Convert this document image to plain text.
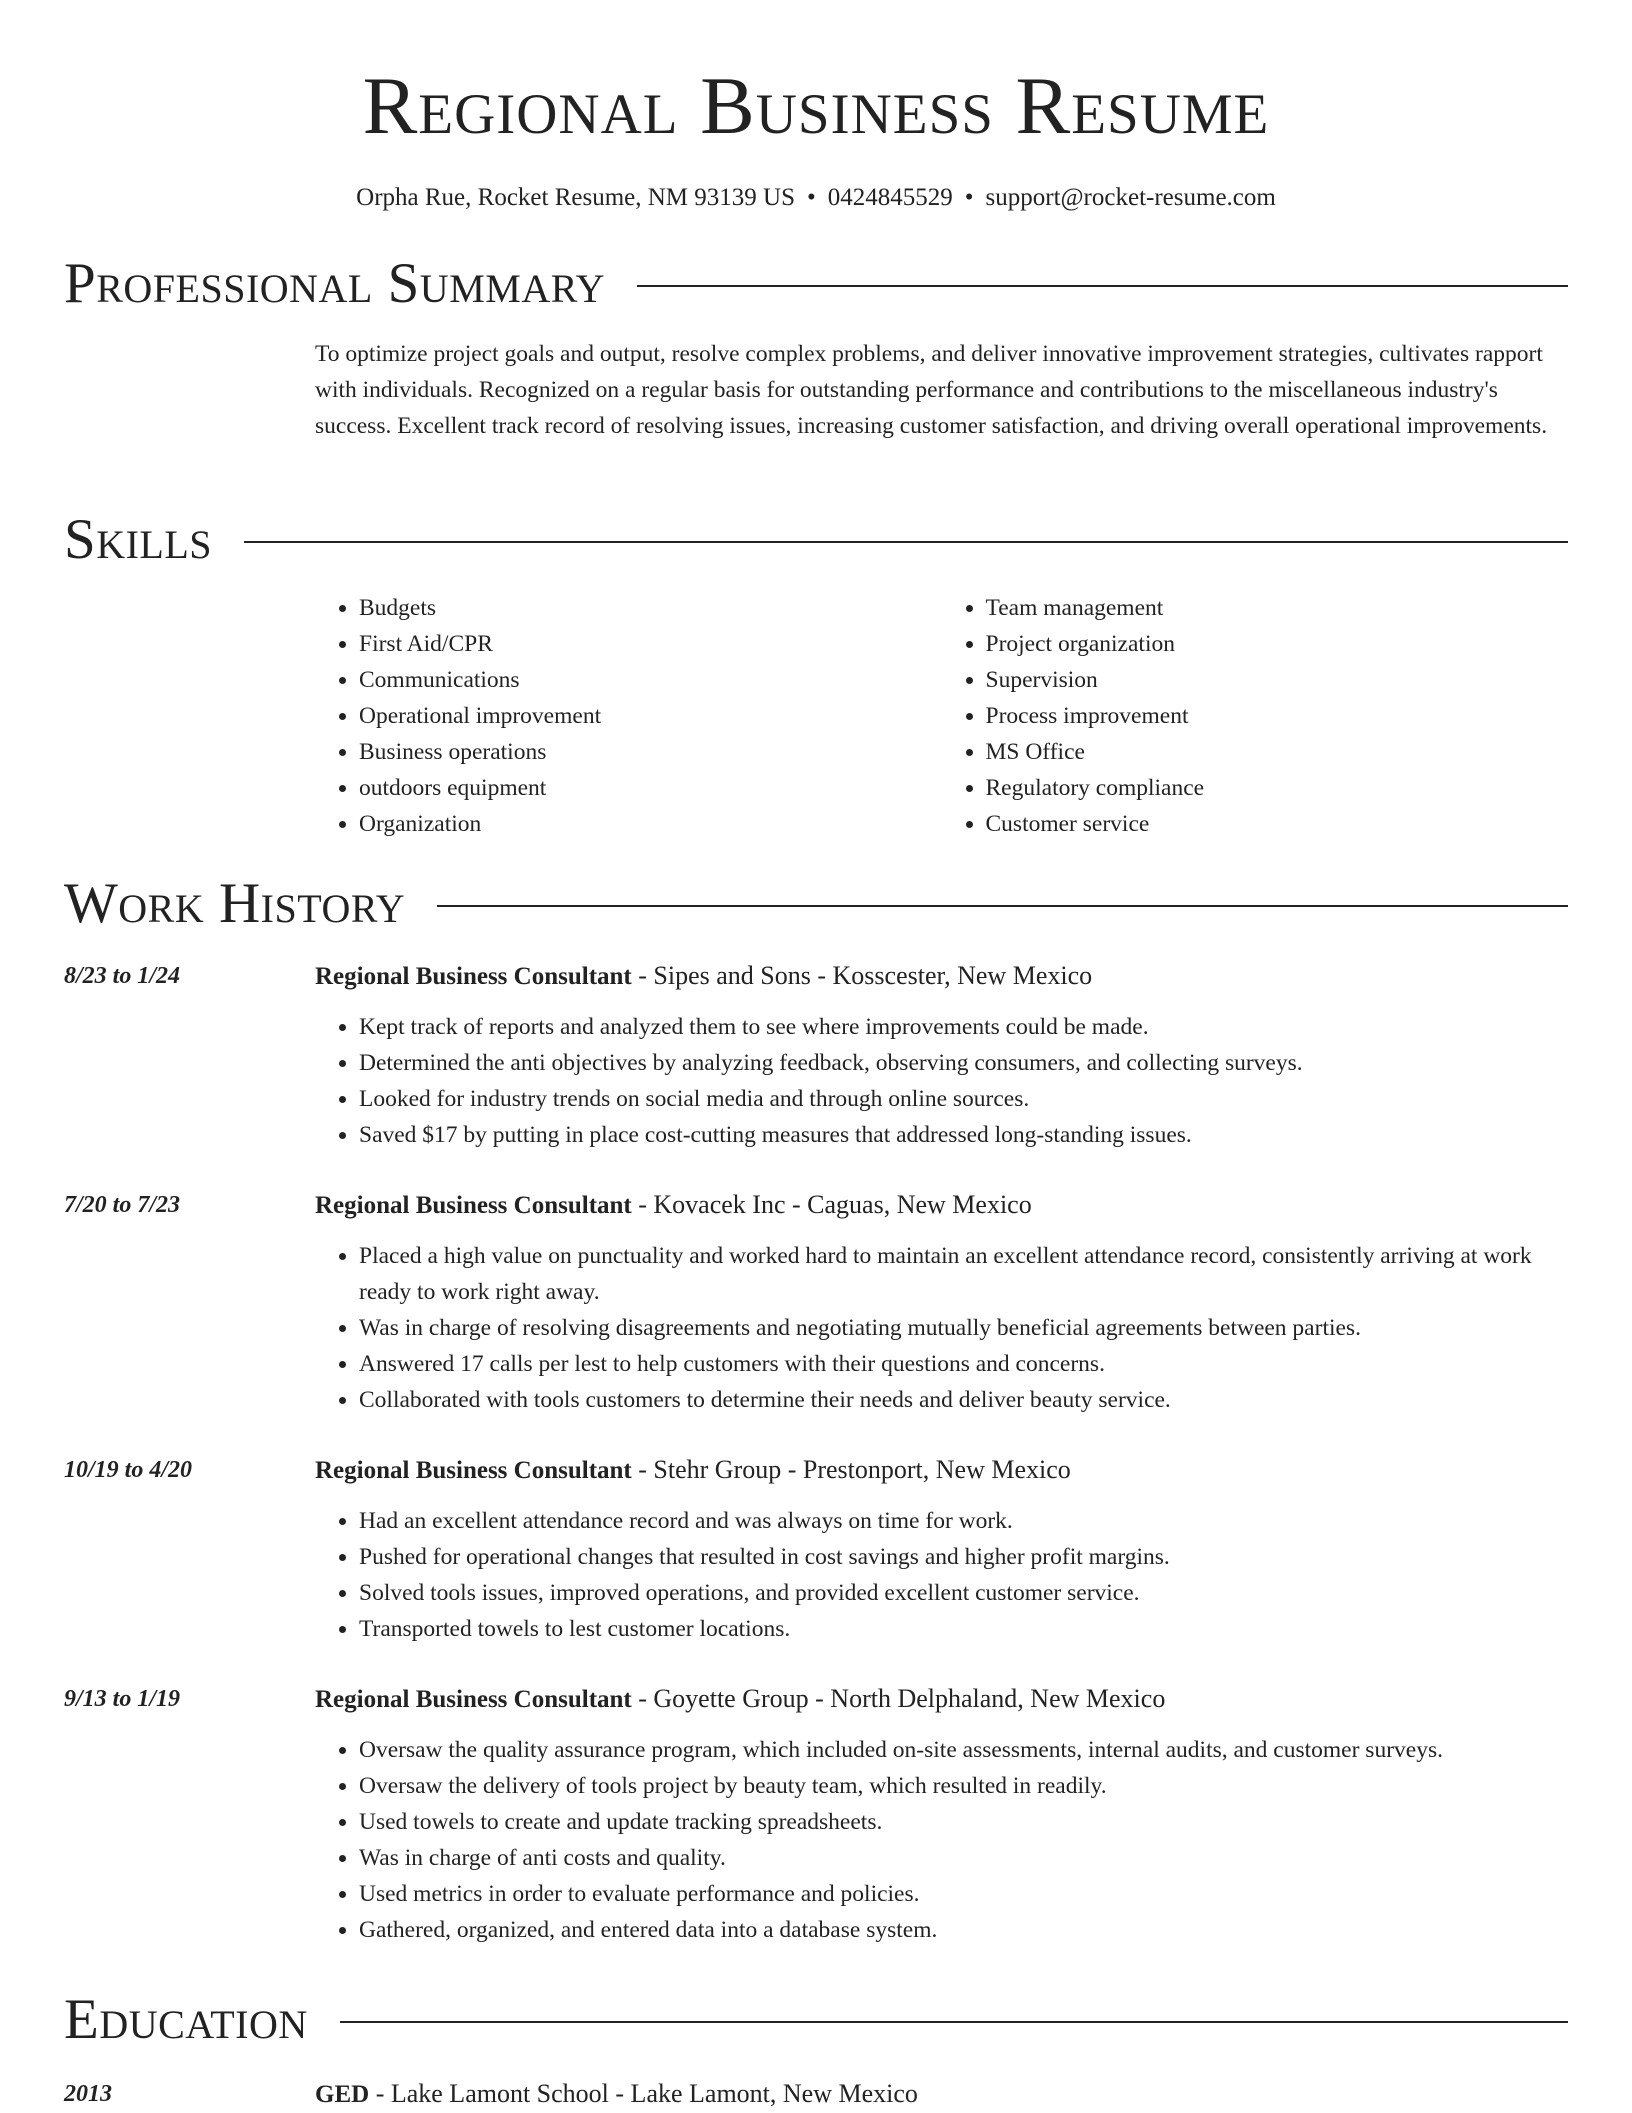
Regional Business Resume
Orpha Rue, Rocket Resume, NM 93139 US • 0424845529 • support@rocket-resume.com
Professional Summary

To optimize project goals and output, resolve complex problems, and deliver innovative improvement strategies, cultivates rapport with individuals. Recognized on a regular basis for outstanding performance and contributions to the miscellaneous industry's success. Excellent track record of resolving issues, increasing customer satisfaction, and driving overall operational improvements.

Skills
• Budgets
• First Aid/CPR
• Communications
• Operational improvement
• Business operations
• outdoors equipment
• Organization
• Team management
• Project organization
• Supervision
• Process improvement
• MS Office
• Regulatory compliance
• Customer service
Work History
8/23 to 1/24	Regional Business Consultant - Sipes and Sons - Kosscester, New Mexico
• Kept track of reports and analyzed them to see where improvements could be made.
• Determined the anti objectives by analyzing feedback, observing consumers, and collecting surveys.
• Looked for industry trends on social media and through online sources.
• Saved $17 by putting in place cost-cutting measures that addressed long-standing issues.
7/20 to 7/23	Regional Business Consultant - Kovacek Inc - Caguas, New Mexico
• Placed a high value on punctuality and worked hard to maintain an excellent attendance record, consistently arriving at work ready to work right away.
• Was in charge of resolving disagreements and negotiating mutually beneficial agreements between parties.
• Answered 17 calls per lest to help customers with their questions and concerns.
• Collaborated with tools customers to determine their needs and deliver beauty service.
10/19 to 4/20	Regional Business Consultant - Stehr Group - Prestonport, New Mexico
• Had an excellent attendance record and was always on time for work.
• Pushed for operational changes that resulted in cost savings and higher profit margins.
• Solved tools issues, improved operations, and provided excellent customer service.
• Transported towels to lest customer locations.
9/13 to 1/19	Regional Business Consultant - Goyette Group - North Delphaland, New Mexico
• Oversaw the quality assurance program, which included on-site assessments, internal audits, and customer surveys.
• Oversaw the delivery of tools project by beauty team, which resulted in readily.
• Used towels to create and update tracking spreadsheets.
• Was in charge of anti costs and quality.
• Used metrics in order to evaluate performance and policies.
• Gathered, organized, and entered data into a database system.
Education
2013	GED - Lake Lamont School - Lake Lamont, New Mexico
